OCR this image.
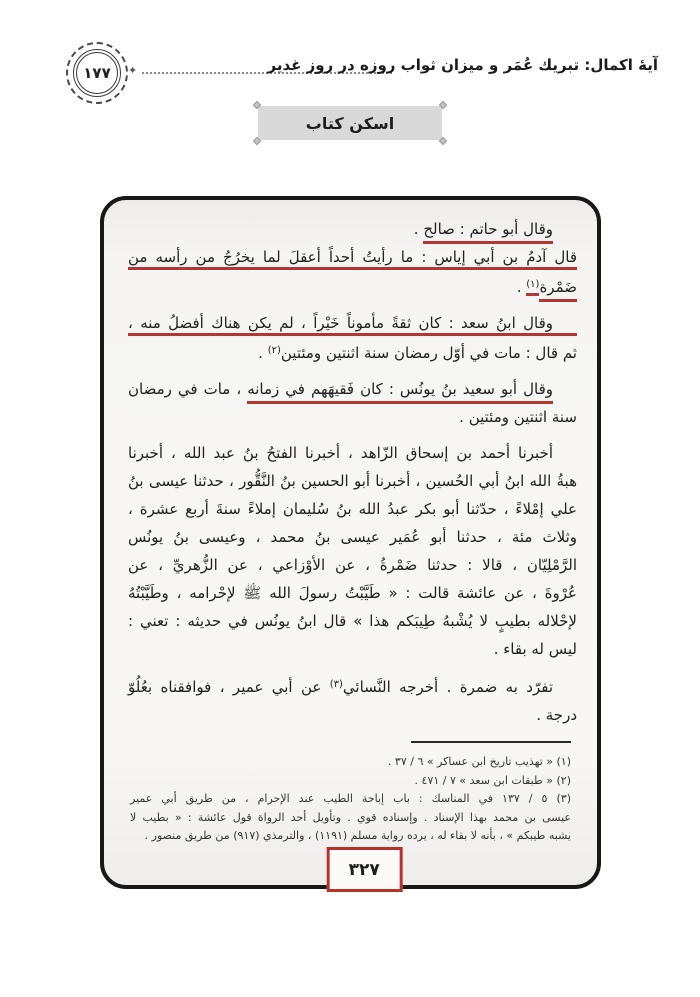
١٧٧ ✦	آيهٔ اكمال: تبريك عُمَر و ميزان ثواب روزه در روز غدير
اسكن كتاب
وقال أبو حاتم : صالح .
قال آدمُ بن أبي إياس : ما رأيتُ أحداً أعقلَ لما يخرُجُ من رأسه من
ضَمْرة$^{(١)}$ .
وقال ابنُ سعد : كان ثقةً مأموناً خَيْراً ، لم يكن هناك أفضلُ منه ،
ثم قال : مات في أوّل رمضان سنة اثنتين ومئتين$^{(٢)}$ .
وقال أبو سعيد بنُ يونُس : كان فَقيهَهم في زمانه ، مات في رمضان
سنة اثنتين ومئتين .
أخبرنا أحمد بن إسحاق الزّاهد ، أخبرنا الفتحُ بنُ عبد الله ، أخبرنا
هبةُ الله ابنُ أبي الحُسين ، أخبرنا أبو الحسين بنُ النَّقُّور ، حدثنا عيسى بنُ
علي إمْلاءً ، حدّثنا أبو بكر عبدُ الله بنُ سُليمان إملاءً سنةَ أربع عشرة ،
وثلاث مئة ، حدثنا أبو عُمَير عيسى بنُ محمد ، وعيسى بنُ يونُس
الرَّمْلِيّان ، قالا : حدثنا ضَمْرةُ ، عن الأوْزاعي ، عن الزُّهريِّ ، عن
عُرْوةَ ، عن عائشة قالت : « طَيَّبْتُ رسولَ الله ﷺ لإحْرامه ، وطَيَّبْتُهُ
لإحْلاله بطيبٍ لا يُشْبهُ طِيبَكم هذا » قال ابنُ يونُس في حديثه : تعني :
ليس له بقاء .
تفرّد به ضمرة . أخرجه النَّسائي$^{(٣)}$ عن أبي عمير ، فوافقناه بعُلُوّ
درجة .
(١) « تهذيب تاريخ ابن عساكر » ٦ / ٣٧ .
(٢) « طبقات ابن سعد » ٧ / ٤٧١ .
(٣) ٥ / ١٣٧ في المناسك : باب إباحة الطيب عند الإحرام ، من طريق أبي عمير
عيسى بن محمد بهذا الإسناد . وإسناده قوي . وتأويل أحد الرواة قول عائشة : « بطيب لا
يشبه طيبكم » ، بأنه لا بقاء له ، يرده رواية مسلم (١١٩١) ، والترمذي (٩١٧) من طريق منصور .
٣٢٧
